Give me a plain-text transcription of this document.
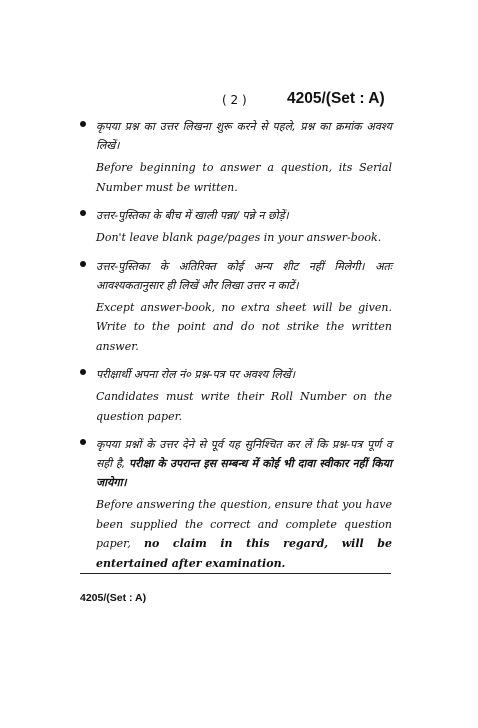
( 2 )	4205/(Set : A)
कृपया प्रश्न का उत्तर लिखना शुरू करने से पहले, प्रश्न का क्रमांक अवश्य लिखें।
Before beginning to answer a question, its Serial Number must be written.
उत्तर-पुस्तिका के बीच में खाली पन्ना/ पन्ने न छोड़ें।
Don't leave blank page/pages in your answer-book.
उत्तर-पुस्तिका के अतिरिक्त कोई अन्य शीट नहीं मिलेगी। अतः आवश्यकतानुसार ही लिखें और लिखा उत्तर न काटें।
Except answer-book, no extra sheet will be given. Write to the point and do not strike the written answer.
परीक्षार्थी अपना रोल नं० प्रश्न-पत्र पर अवश्य लिखें।
Candidates must write their Roll Number on the question paper.
कृपया प्रश्नों के उत्तर देने से पूर्व यह सुनिश्चित कर लें कि प्रश्न-पत्र पूर्ण व सही है, परीक्षा के उपरान्त इस सम्बन्ध में कोई भी दावा स्वीकार नहीं किया जायेगा।
Before answering the question, ensure that you have been supplied the correct and complete question paper, no claim in this regard, will be entertained after examination.
4205/(Set : A)
